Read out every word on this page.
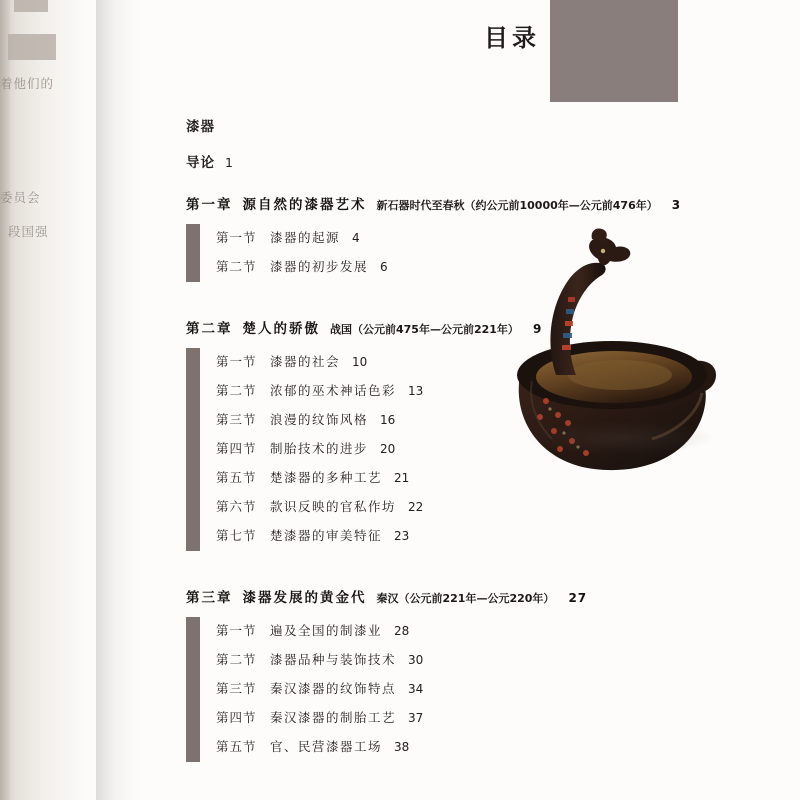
着他们的
委员会
段国强
目录
漆器
导论 1
第一章 源自然的漆器艺术 新石器时代至春秋（约公元前10000年—公元前476年） 3
第一节	漆器的起源 4
第二节	漆器的初步发展 6
第二章 楚人的骄傲 战国（公元前475年—公元前221年） 9
第一节	漆器的社会 10
第二节	浓郁的巫术神话色彩 13
第三节	浪漫的纹饰风格 16
第四节	制胎技术的进步 20
第五节	楚漆器的多种工艺 21
第六节	款识反映的官私作坊 22
第七节	楚漆器的审美特征 23
第三章 漆器发展的黄金代 秦汉（公元前221年—公元220年） 27
第一节	遍及全国的制漆业 28
第二节	漆器品种与装饰技术 30
第三节	秦汉漆器的纹饰特点 34
第四节	秦汉漆器的制胎工艺 37
第五节	官、民营漆器工场 38
